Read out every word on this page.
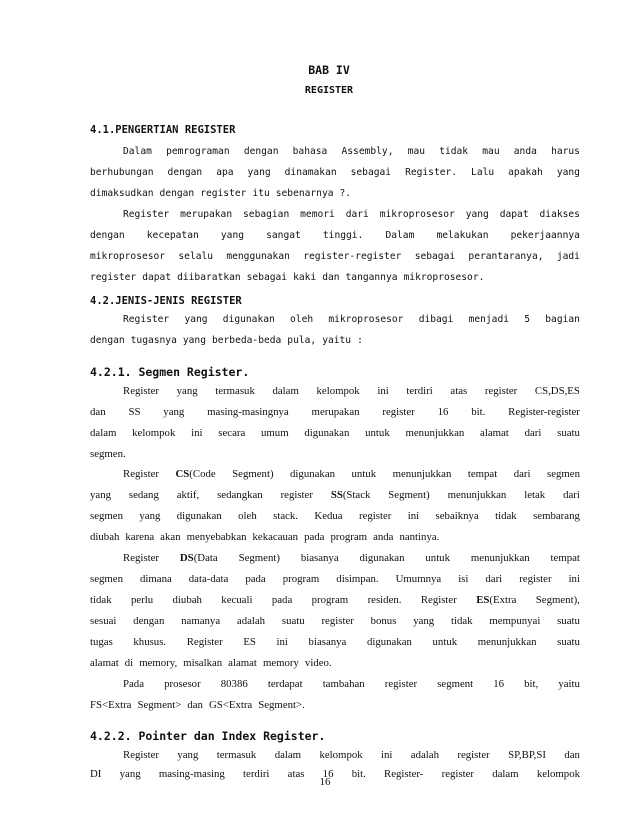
BAB IV
REGISTER
4.1.PENGERTIAN REGISTER
Dalam pemrograman dengan bahasa Assembly, mau tidak mau anda harus
berhubungan dengan apa yang dinamakan sebagai Register. Lalu apakah yang
dimaksudkan dengan register itu sebenarnya ?.
Register merupakan sebagian memori dari mikroprosesor yang dapat diakses
dengan kecepatan yang sangat tinggi. Dalam melakukan pekerjaannya
mikroprosesor selalu menggunakan register-register sebagai perantaranya, jadi
register dapat diibaratkan sebagai kaki dan tangannya mikroprosesor.
4.2.JENIS-JENIS REGISTER
Register yang digunakan oleh mikroprosesor dibagi menjadi 5 bagian
dengan tugasnya yang berbeda-beda pula, yaitu :
4.2.1. Segmen Register.
Register yang termasuk dalam kelompok ini terdiri atas register CS,DS,ES
dan SS yang masing-masingnya merupakan register 16 bit. Register-register
dalam kelompok ini secara umum digunakan untuk menunjukkan alamat dari suatu
segmen.
Register CS(Code Segment) digunakan untuk menunjukkan tempat dari segmen
yang sedang aktif, sedangkan register SS(Stack Segment) menunjukkan letak dari
segmen yang digunakan oleh stack. Kedua register ini sebaiknya tidak sembarang
diubah karena akan menyebabkan kekacauan pada program anda nantinya.
Register DS(Data Segment) biasanya digunakan untuk menunjukkan tempat
segmen dimana data-data pada program disimpan. Umumnya isi dari register ini
tidak perlu diubah kecuali pada program residen. Register ES(Extra Segment),
sesuai dengan namanya adalah suatu register bonus yang tidak mempunyai suatu
tugas khusus. Register ES ini biasanya digunakan untuk menunjukkan suatu
alamat di memory, misalkan alamat memory video.
Pada prosesor 80386 terdapat tambahan register segment 16 bit, yaitu
FS<Extra Segment> dan GS<Extra Segment>.
4.2.2. Pointer dan Index Register.
Register yang termasuk dalam kelompok ini adalah register SP,BP,SI dan
DI yang masing-masing terdiri atas 16 bit. Register- register dalam kelompok
16
